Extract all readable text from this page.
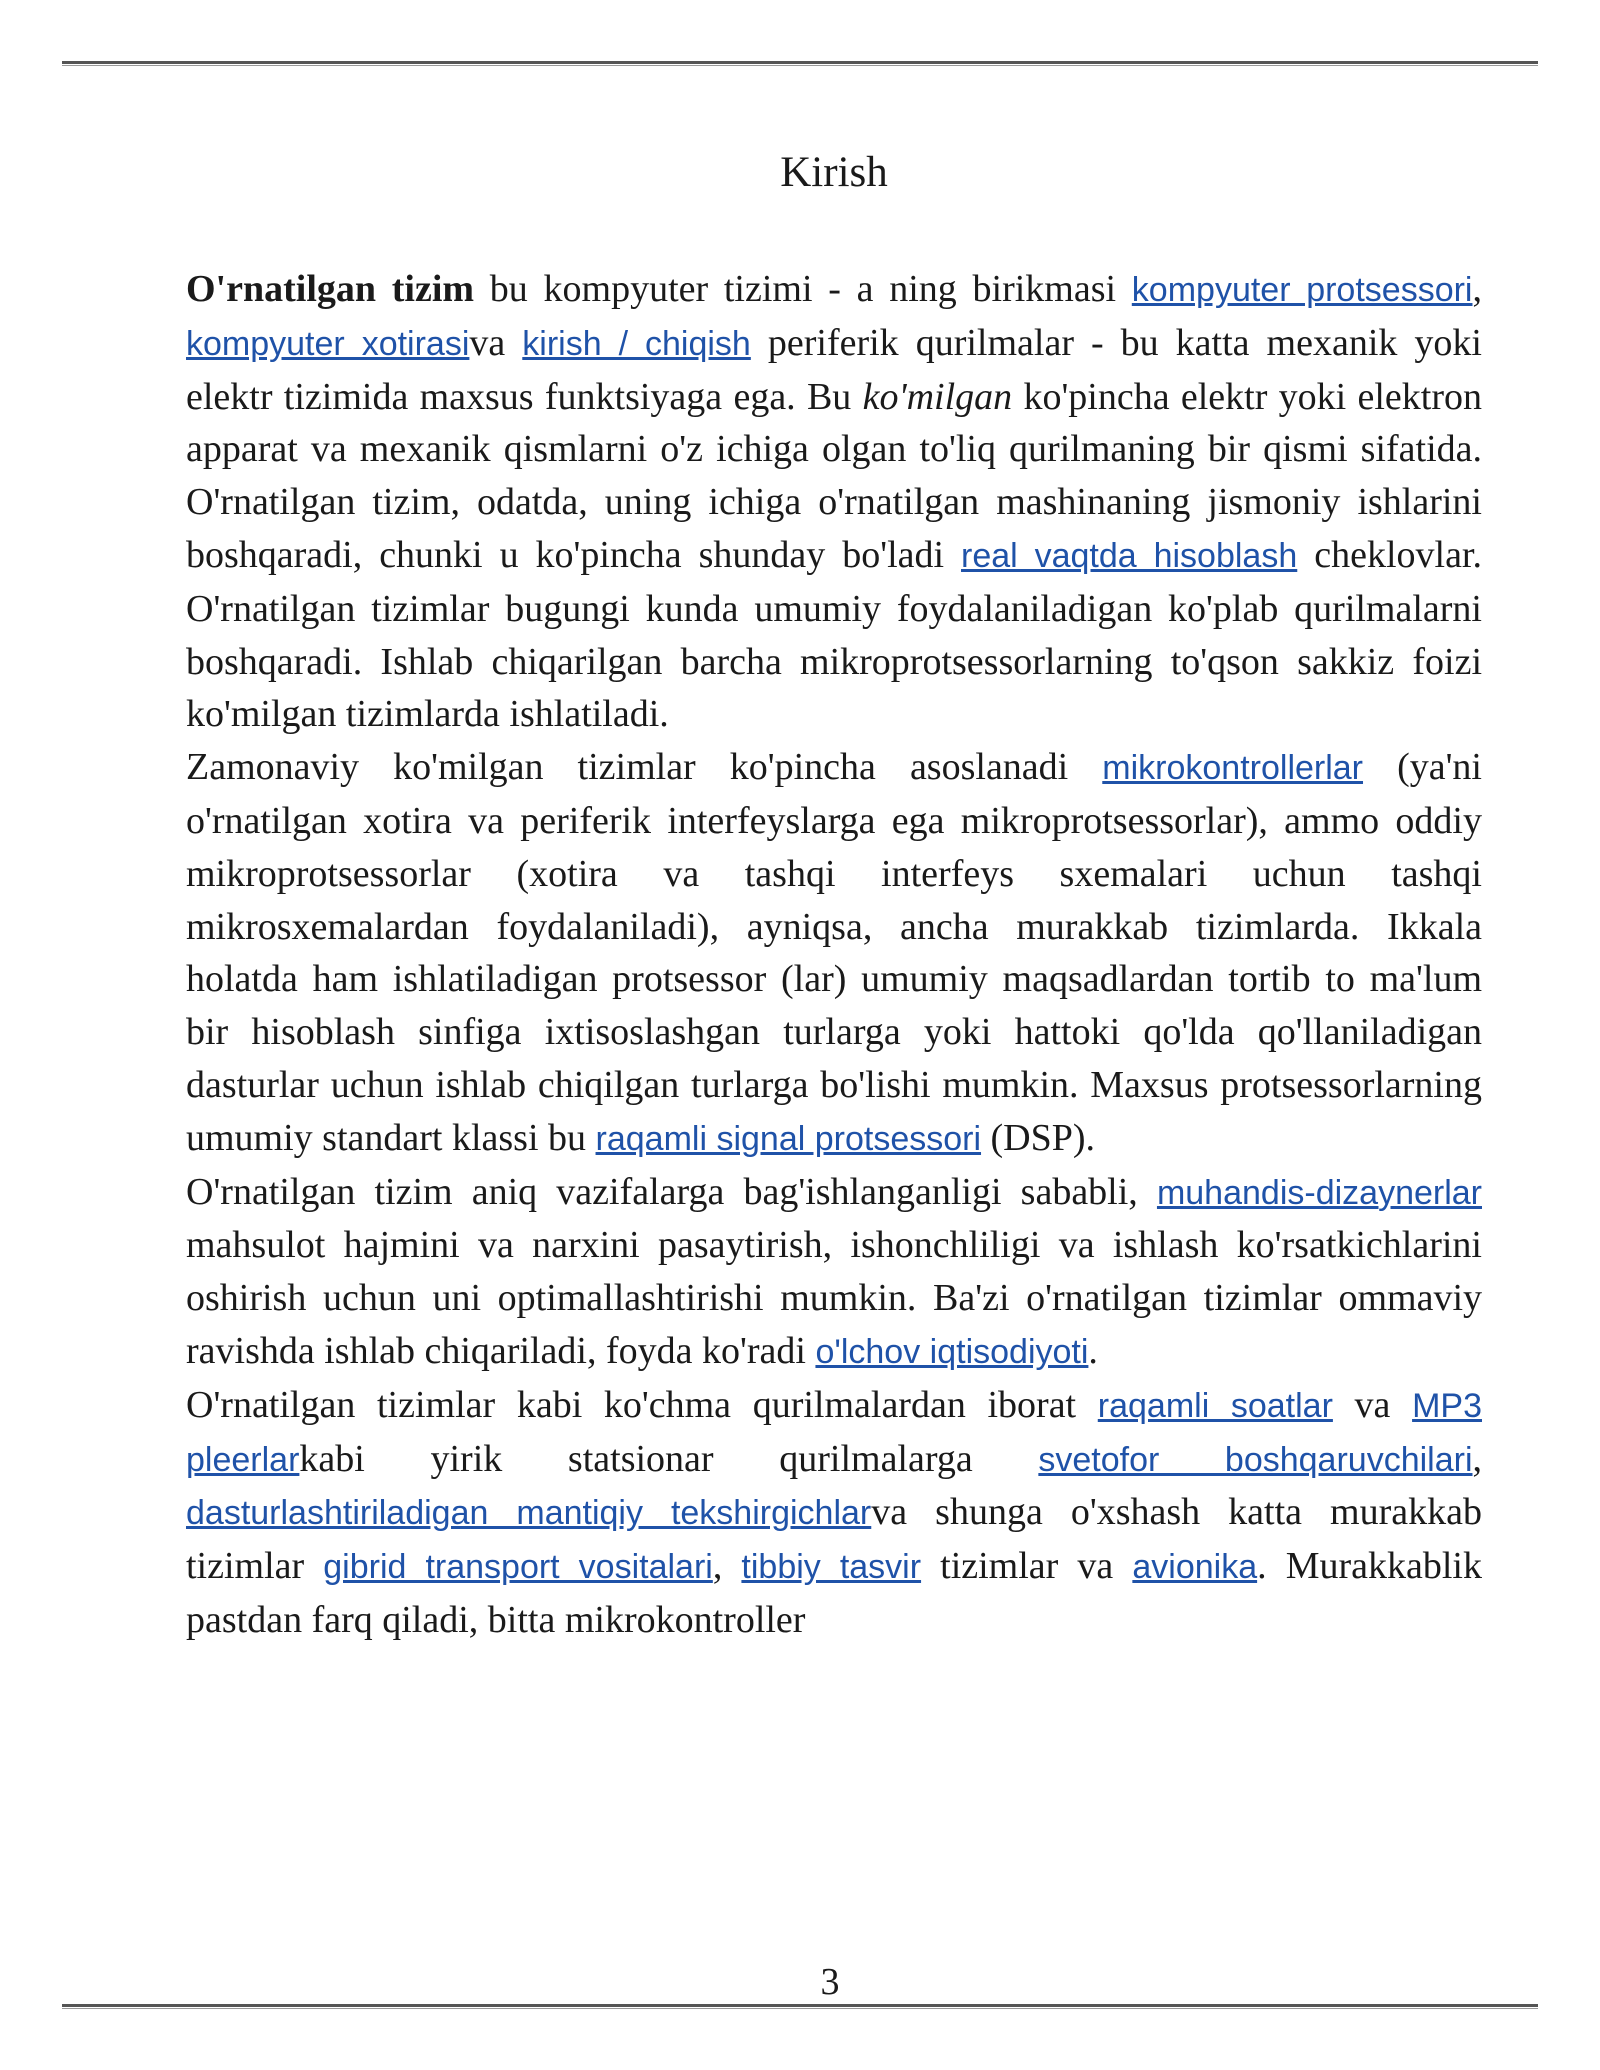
Kirish

O'rnatilgan tizim bu kompyuter tizimi - a ning birikmasi kompyuter protsessori, kompyuter xotirasiva kirish / chiqish periferik qurilmalar - bu katta mexanik yoki elektr tizimida maxsus funktsiyaga ega. Bu ko'milgan ko'pincha elektr yoki elektron apparat va mexanik qismlarni o'z ichiga olgan to'liq qurilmaning bir qismi sifatida. O'rnatilgan tizim, odatda, uning ichiga o'rnatilgan mashinaning jismoniy ishlarini boshqaradi, chunki u ko'pincha shunday bo'ladi real vaqtda hisoblash cheklovlar. O'rnatilgan tizimlar bugungi kunda umumiy foydalaniladigan ko'plab qurilmalarni boshqaradi. Ishlab chiqarilgan barcha mikroprotsessorlarning to'qson sakkiz foizi ko'milgan tizimlarda ishlatiladi.

Zamonaviy ko'milgan tizimlar ko'pincha asoslanadi mikrokontrollerlar (ya'ni o'rnatilgan xotira va periferik interfeyslarga ega mikroprotsessorlar), ammo oddiy mikroprotsessorlar (xotira va tashqi interfeys sxemalari uchun tashqi mikrosxemalardan foydalaniladi), ayniqsa, ancha murakkab tizimlarda. Ikkala holatda ham ishlatiladigan protsessor (lar) umumiy maqsadlardan tortib to ma'lum bir hisoblash sinfiga ixtisoslashgan turlarga yoki hattoki qo'lda qo'llaniladigan dasturlar uchun ishlab chiqilgan turlarga bo'lishi mumkin. Maxsus protsessorlarning umumiy standart klassi bu raqamli signal protsessori (DSP).

O'rnatilgan tizim aniq vazifalarga bag'ishlanganligi sababli, muhandis-dizaynerlar mahsulot hajmini va narxini pasaytirish, ishonchliligi va ishlash ko'rsatkichlarini oshirish uchun uni optimallashtirishi mumkin. Ba'zi o'rnatilgan tizimlar ommaviy ravishda ishlab chiqariladi, foyda ko'radi o'lchov iqtisodiyoti.

O'rnatilgan tizimlar kabi ko'chma qurilmalardan iborat raqamli soatlar va MP3 pleerlarkabi yirik statsionar qurilmalarga svetofor boshqaruvchilari, dasturlashtiriladigan mantiqiy tekshirgichlarva shunga o'xshash katta murakkab tizimlar gibrid transport vositalari, tibbiy tasvir tizimlar va avionika. Murakkablik pastdan farq qiladi, bitta mikrokontroller

3
